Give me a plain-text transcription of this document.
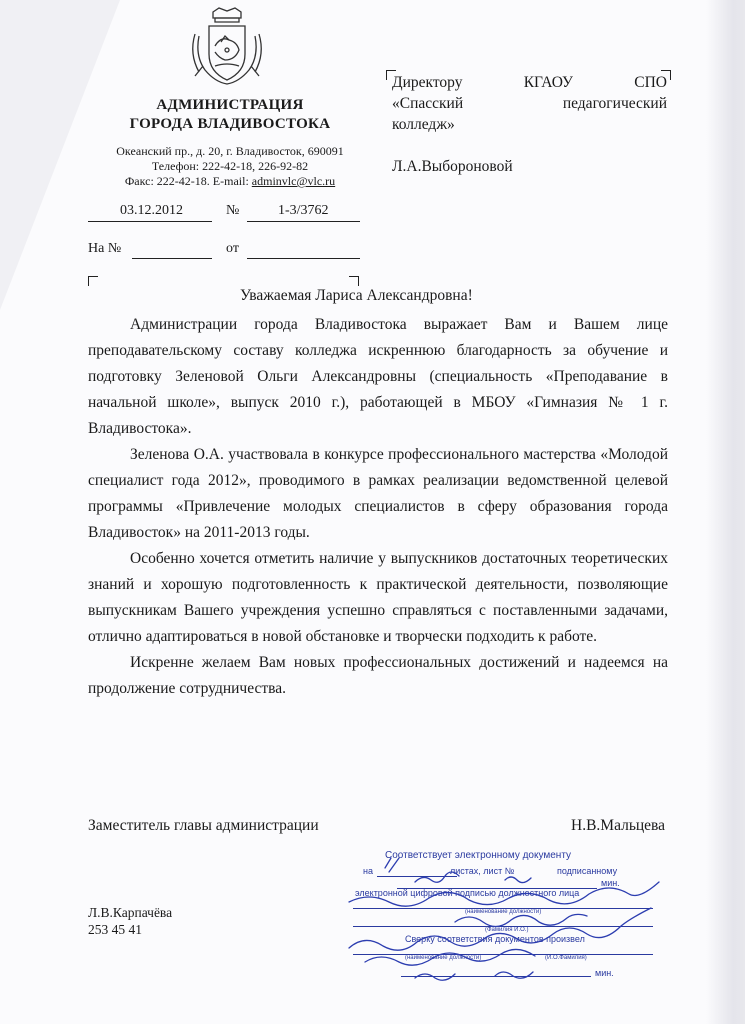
АДМИНИСТРАЦИЯ
ГОРОДА ВЛАДИВОСТОКА
Океанский пр., д. 20, г. Владивосток, 690091
Телефон: 222-42-18, 226-92-82
Факс: 222-42-18. E-mail: adminvlc@vlc.ru
03.12.2012	№	1-3/3762
На №	от
Директору	КГАОУ	СПО
«Спасский	педагогический
колледж»
Л.А.Выбороновой
Уважаемая Лариса Александровна!

Администрации города Владивостока выражает Вам и Вашем лице преподавательскому составу колледжа искреннюю благодарность за обучение и подготовку Зеленовой Ольги Александровны (специальность «Преподавание в начальной школе», выпуск 2010 г.), работающей в МБОУ «Гимназия № 1 г. Владивостока».

Зеленова О.А. участвовала в конкурсе профессионального мастерства «Молодой специалист года 2012», проводимого в рамках реализации ведомственной целевой программы «Привлечение молодых специалистов в сферу образования города Владивосток» на 2011-2013 годы.

Особенно хочется отметить наличие у выпускников достаточных теоретических знаний и хорошую подготовленность к практической деятельности, позволяющие выпускникам Вашего учреждения успешно справляться с поставленными задачами, отлично адаптироваться в новой обстановке и творчески подходить к работе.

Искренне желаем Вам новых профессиональных достижений и надеемся на продолжение сотрудничества.

Заместитель главы администрации	Н.В.Мальцева
Л.В.Карпачёва
253 45 41
Соответствует электронному документу
на	листах, лист №	подписанному
мин.
электронной цифровой подписью должностного лица
(наименование должности)
(Фамилия И.О.)
Сверку соответствия документов произвел
(наименование должности)	(И.О.Фамилия)
мин.
